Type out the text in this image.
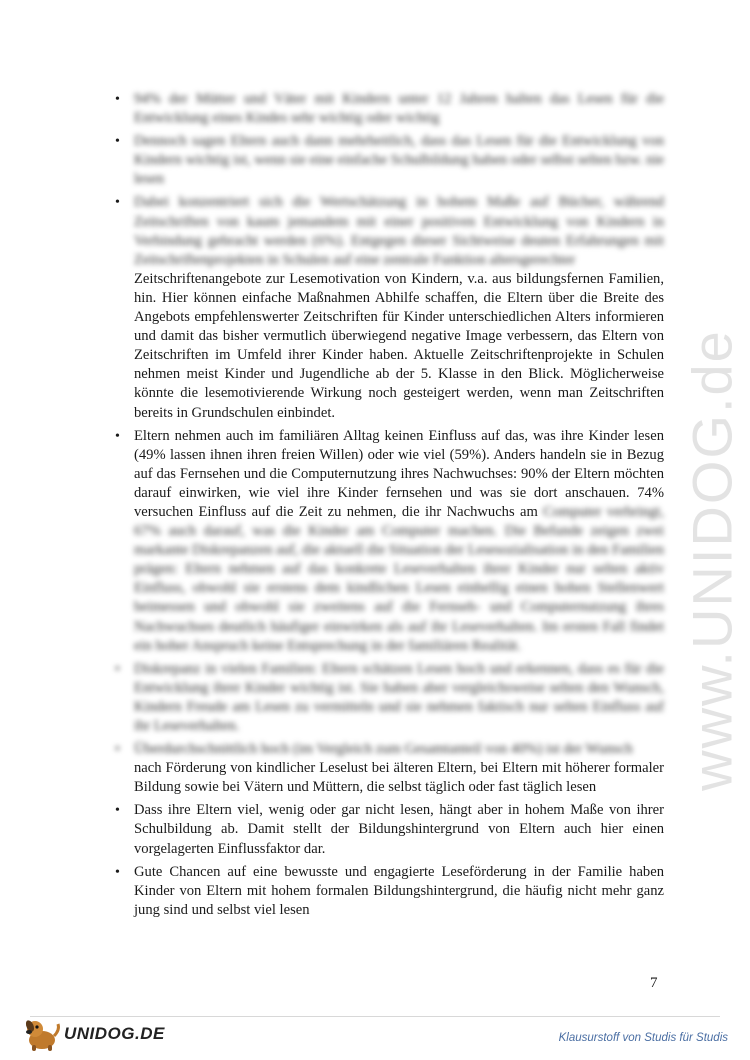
www.UNIDOG.de
• 94% der Mütter und Väter mit Kindern unter 12 Jahren halten das Lesen für die Entwicklung eines Kindes sehr wichtig oder wichtig
• Dennoch sagen Eltern auch dann mehrheitlich, dass das Lesen für die Entwicklung von Kindern wichtig ist, wenn sie eine einfache Schulbildung haben oder selbst selten bzw. nie lesen
• Dabei konzentriert sich die Wertschätzung in hohem Maße auf Bücher, während Zeitschriften von kaum jemandem mit einer positiven Entwicklung von Kindern in Verbindung gebracht werden (6%). Entgegen dieser Sichtweise deuten Erfahrungen mit Zeitschriftenprojekten in Schulen auf eine zentrale Funktion altersgerechter
Zeitschriftenangebote zur Lesemotivation von Kindern, v.a. aus bildungsfernen Familien, hin. Hier können einfache Maßnahmen Abhilfe schaffen, die Eltern über die Breite des Angebots empfehlenswerter Zeitschriften für Kinder unterschiedlichen Alters informieren und damit das bisher vermutlich überwiegend negative Image verbessern, das Eltern von Zeitschriften im Umfeld ihrer Kinder haben. Aktuelle Zeitschriftenprojekte in Schulen nehmen meist Kinder und Jugendliche ab der 5. Klasse in den Blick. Möglicherweise könnte die lesemotivierende Wirkung noch gesteigert werden, wenn man Zeitschriften bereits in Grundschulen einbindet.
• Eltern nehmen auch im familiären Alltag keinen Einfluss auf das, was ihre Kinder lesen (49% lassen ihnen ihren freien Willen) oder wie viel (59%). Anders handeln sie in Bezug auf das Fernsehen und die Computernutzung ihres Nachwuchses: 90% der Eltern möchten darauf einwirken, wie viel ihre Kinder fernsehen und was sie dort anschauen. 74% versuchen Einfluss auf die Zeit zu nehmen, die ihr Nachwuchs am Computer verbringt, 67% auch darauf, was die Kinder am Computer machen. Die Befunde zeigen zwei markante Diskrepanzen auf, die aktuell die Situation der Lesesozialisation in den Familien prägen: Eltern nehmen auf das konkrete Leseverhalten ihrer Kinder nur selten aktiv Einfluss, obwohl sie erstens dem kindlichen Lesen einhellig einen hohen Stellenwert beimessen und obwohl sie zweitens auf die Fernseh- und Computernutzung ihres Nachwuchses deutlich häufiger einwirken als auf ihr Leseverhalten. Im ersten Fall findet ein hoher Anspruch keine Entsprechung in der familiären Realität.
• Diskrepanz in vielen Familien: Eltern schätzen Lesen hoch und erkennen, dass es für die Entwicklung ihrer Kinder wichtig ist. Sie haben aber vergleichsweise selten den Wunsch, Kindern Freude am Lesen zu vermitteln und sie nehmen faktisch nur selten Einfluss auf ihr Leseverhalten.
• Überdurchschnittlich hoch (im Vergleich zum Gesamtanteil von 40%) ist der Wunsch
nach Förderung von kindlicher Leselust bei älteren Eltern, bei Eltern mit höherer formaler Bildung sowie bei Vätern und Müttern, die selbst täglich oder fast täglich lesen
• Dass ihre Eltern viel, wenig oder gar nicht lesen, hängt aber in hohem Maße von ihrer Schulbildung ab. Damit stellt der Bildungshintergrund von Eltern auch hier einen vorgelagerten Einflussfaktor dar.
• Gute Chancen auf eine bewusste und engagierte Leseförderung in der Familie haben Kinder von Eltern mit hohem formalen Bildungshintergrund, die häufig nicht mehr ganz jung sind und selbst viel lesen
7
UNIDOG.DE	Klausurstoff von Studis für Studis
